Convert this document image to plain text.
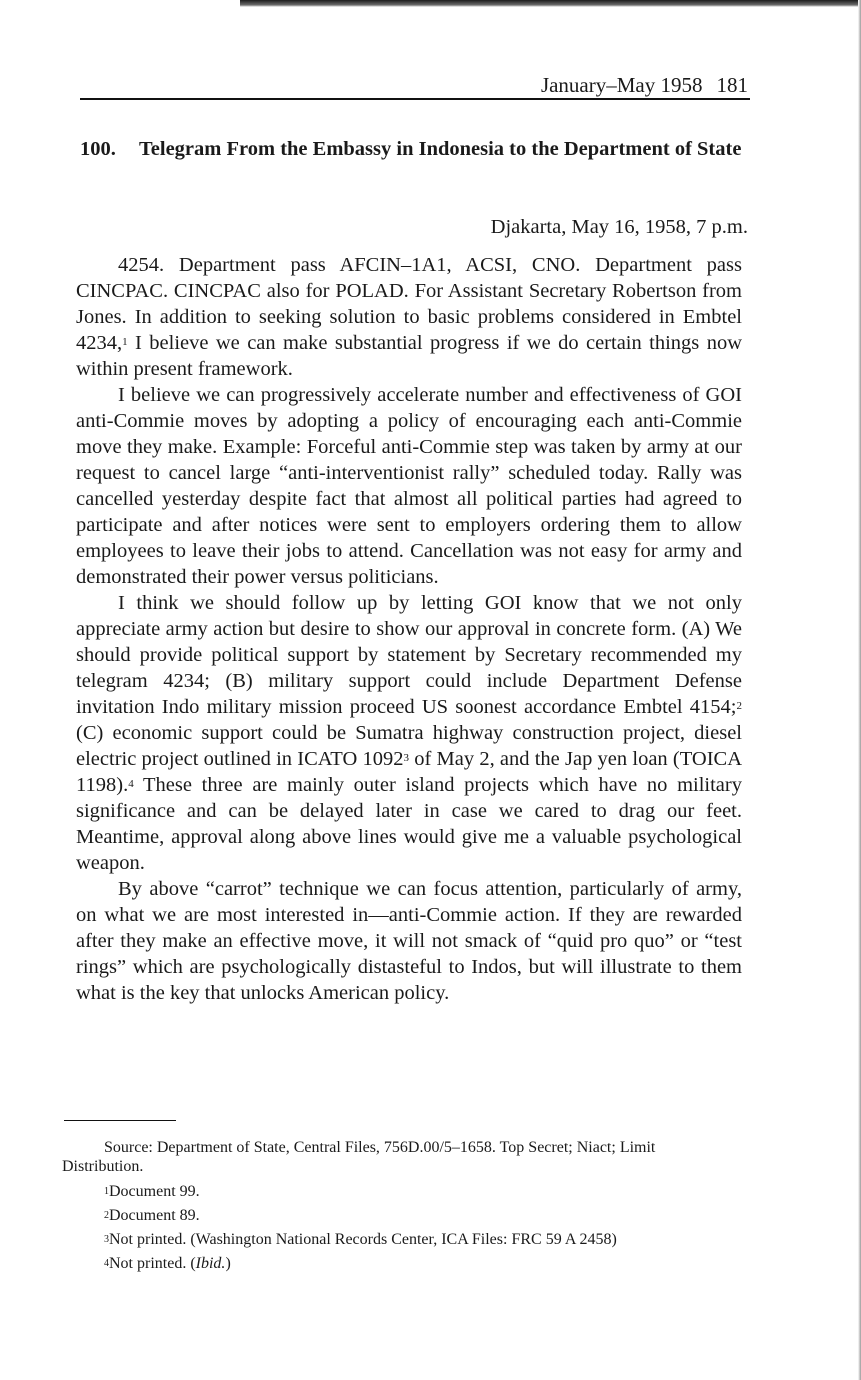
January–May 1958 181
100. Telegram From the Embassy in Indonesia to the Department of State
Djakarta, May 16, 1958, 7 p.m.

4254. Department pass AFCIN–1A1, ACSI, CNO. Department pass CINCPAC. CINCPAC also for POLAD. For Assistant Secretary Robertson from Jones. In addition to seeking solution to basic problems considered in Embtel 4234,$^1$ I believe we can make substantial progress if we do certain things now within present framework.

I believe we can progressively accelerate number and effectiveness of GOI anti-Commie moves by adopting a policy of encouraging each anti-Commie move they make. Example: Forceful anti-Commie step was taken by army at our request to cancel large “anti-interventionist rally” scheduled today. Rally was cancelled yesterday despite fact that almost all political parties had agreed to participate and after notices were sent to employers ordering them to allow employees to leave their jobs to attend. Cancellation was not easy for army and demonstrated their power versus politicians.

I think we should follow up by letting GOI know that we not only appreciate army action but desire to show our approval in concrete form. (A) We should provide political support by statement by Secretary recommended my telegram 4234; (B) military support could include Department Defense invitation Indo military mission proceed US soonest accordance Embtel 4154;$^2$ (C) economic support could be Sumatra highway construction project, diesel electric project outlined in ICATO 1092$^3$ of May 2, and the Jap yen loan (TOICA 1198).$^4$ These three are mainly outer island projects which have no military significance and can be delayed later in case we cared to drag our feet. Meantime, approval along above lines would give me a valuable psychological weapon.

By above “carrot” technique we can focus attention, particularly of army, on what we are most interested in—anti-Commie action. If they are rewarded after they make an effective move, it will not smack of “quid pro quo” or “test rings” which are psychologically distasteful to Indos, but will illustrate to them what is the key that unlocks American policy.

Source: Department of State, Central Files, 756D.00/5–1658. Top Secret; Niact; Limit Distribution.

$^1$Document 99.

$^2$Document 89.

$^3$Not printed. (Washington National Records Center, ICA Files: FRC 59 A 2458)

$^4$Not printed. (Ibid.)
